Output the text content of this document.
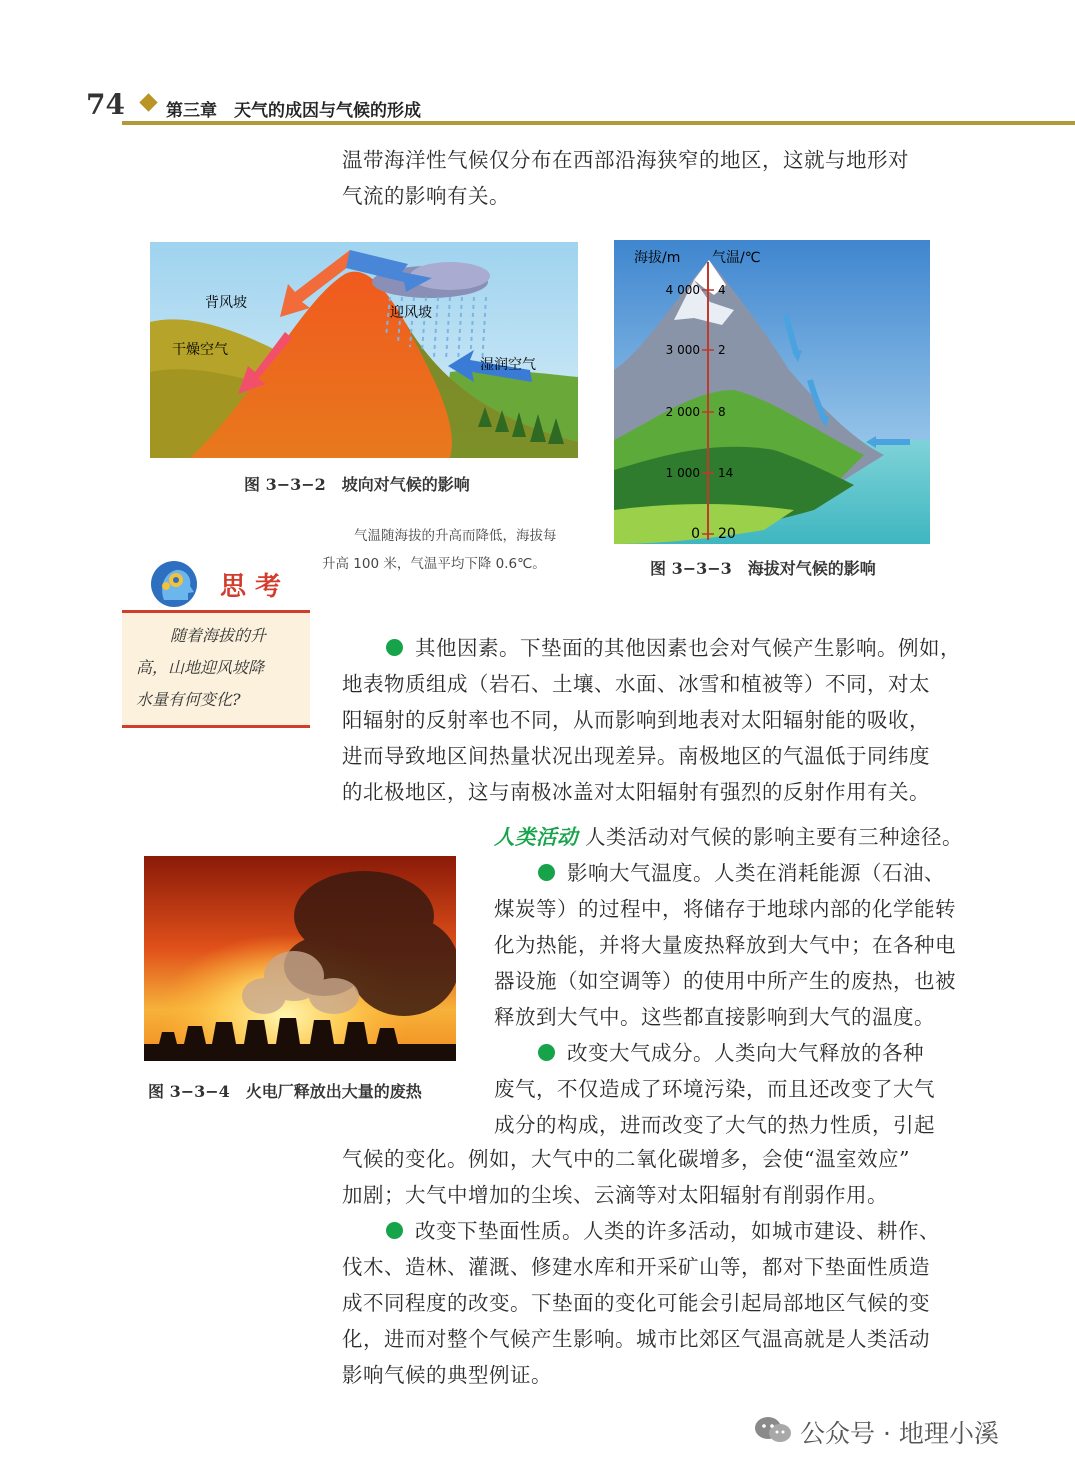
74 第三章　天气的成因与气候的形成
温带海洋性气候仅分布在西部沿海狭窄的地区，这就与地形对
气流的影响有关。
背风坡
迎风坡
干燥空气
湿润空气
图 3−3−2　坡向对气候的影响
海拔/m 气温/℃
4 000 4
3 000 2
2 000 8
1 000 14
0 20
气温随海拔的升高而降低，海拔每
升高 100 米，气温平均下降 0.6℃。	图 3−3−3　海拔对气候的影响
思 考
随着海拔的升
高，山地迎风坡降
水量有何变化?
其他因素。下垫面的其他因素也会对气候产生影响。例如，
地表物质组成（岩石、土壤、水面、冰雪和植被等）不同，对太
阳辐射的反射率也不同，从而影响到地表对太阳辐射能的吸收，
进而导致地区间热量状况出现差异。南极地区的气温低于同纬度
的北极地区，这与南极冰盖对太阳辐射有强烈的反射作用有关。
人类活动 人类活动对气候的影响主要有三种途径。
影响大气温度。人类在消耗能源（石油、
煤炭等）的过程中，将储存于地球内部的化学能转
化为热能，并将大量废热释放到大气中；在各种电
器设施（如空调等）的使用中所产生的废热，也被
释放到大气中。这些都直接影响到大气的温度。
改变大气成分。人类向大气释放的各种
废气，不仅造成了环境污染，而且还改变了大气
成分的构成，进而改变了大气的热力性质，引起
气候的变化。例如，大气中的二氧化碳增多，会使“温室效应”
加剧；大气中增加的尘埃、云滴等对太阳辐射有削弱作用。
改变下垫面性质。人类的许多活动，如城市建设、耕作、
伐木、造林、灌溉、修建水库和开采矿山等，都对下垫面性质造
成不同程度的改变。下垫面的变化可能会引起局部地区气候的变
化，进而对整个气候产生影响。城市比郊区气温高就是人类活动
影响气候的典型例证。
图 3−3−4　火电厂释放出大量的废热
公众号 · 地理小溪
